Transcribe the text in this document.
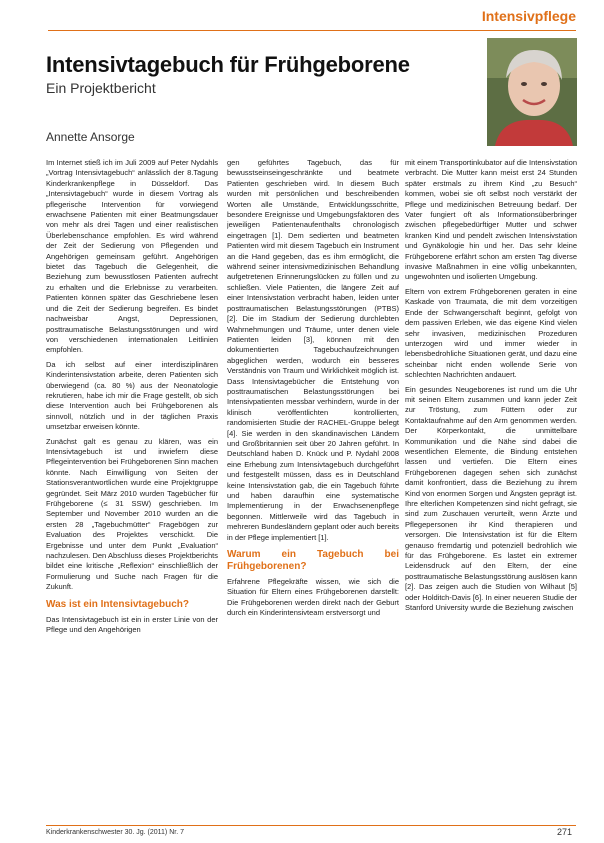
Intensivpflege
Intensivtagebuch für Frühgeborene
Ein Projektbericht
Annette Ansorge

Im Internet stieß ich im Juli 2009 auf Peter Nydahls „Vortrag Intensivtagebuch“ anlässlich der 8.Tagung Kinderkrankenpflege in Düsseldorf. Das „Intensivtagebuch“ wurde in diesem Vortrag als pflegerische Intervention für vorwiegend erwachsene Patienten mit einer Beatmungsdauer von mehr als drei Tagen und einer realistischen Überlebenschance empfohlen. Es wird während der Zeit der Sedierung von Pflegenden und Angehörigen gemeinsam geführt. Angehörigen bietet das Tagebuch die Gelegenheit, die Beziehung zum bewusstlosen Patienten aufrecht zu erhalten und die Erlebnisse zu verarbeiten. Patienten können später das Geschriebene lesen und die Zeit der Sedierung begreifen. Es bindet nachweisbar Angst, Depressionen, posttraumatische Belastungsstörungen und wird von verschiedenen internationalen Leitlinien empfohlen.

Da ich selbst auf einer interdisziplinären Kinderintensivstation arbeite, deren Patienten sich überwiegend (ca. 80 %) aus der Neonatologie rekrutieren, habe ich mir die Frage gestellt, ob sich diese Intervention auch bei Frühgeborenen als sinnvoll, nützlich und in der täglichen Praxis umsetzbar erweisen könnte.

Zunächst galt es genau zu klären, was ein Intensivtagebuch ist und inwiefern diese Pflegeintervention bei Frühgeborenen Sinn machen könnte. Nach Einwilligung von Seiten der Stationsverantwortlichen wurde eine Projektgruppe gegründet. Seit März 2010 wurden Tagebücher für Frühgeborene (≤ 31 SSW) geschrieben. Im September und November 2010 wurden an die ersten 28 „Tagebuchmütter“ Fragebögen zur Evaluation des Projektes verschickt. Die Ergebnisse und unter dem Punkt „Evaluation“ nachzulesen. Den Abschluss dieses Projektberichts bildet eine kritische „Reflexion“ einschließlich der Formulierung und Suche nach Fragen für die Zukunft.

Was ist ein Intensivtagebuch?

Das Intensivtagebuch ist ein in erster Linie von der Pflege und den Angehörigen

gen geführtes Tagebuch, das für bewusstseinseingeschränkte und beatmete Patienten geschrieben wird. In diesem Buch wurden mit persönlichen und beschreibenden Worten alle Umstände, Entwicklungsschritte, besondere Ereignisse und Umgebungsfaktoren des jeweiligen Patientenaufenthalts chronologisch eingetragen [1]. Dem sedierten und beatmeten Patienten wird mit diesem Tagebuch ein Instrument an die Hand gegeben, das es ihm ermöglicht, die während seiner intensivmedizinischen Behandlung aufgetretenen Erinnerungslücken zu füllen und zu schließen. Viele Patienten, die längere Zeit auf einer Intensivstation verbracht haben, leiden unter posttraumatischen Belastungsstörungen (PTBS) [2]. Die im Stadium der Sedierung durchlebten Wahrnehmungen und Träume, unter denen viele Patienten leiden [3], können mit den dokumentierten Tagebuchaufzeichnungen abgeglichen werden, wodurch ein besseres Verständnis von Traum und Wirklichkeit möglich ist. Dass Intensivtagebücher die Entstehung von posttraumatischen Belastungsstörungen bei Intensivpatienten messbar verhindern, wurde in der klinisch veröffentlichten kontrollierten, randomisierten Studie der RACHEL-Gruppe belegt [4]. Sie werden in den skandinavischen Ländern und Großbritannien seit über 20 Jahren geführt. In Deutschland haben D. Knück und P. Nydahl 2008 eine Erhebung zum Intensivtagebuch durchgeführt und festgestellt müssen, dass es in Deutschland keine Intensivstation gab, die ein Tagebuch führte und haben daraufhin eine systematische Implementierung in der Erwachsenenpflege begonnen. Mittlerweile wird das Tagebuch in mehreren Bundesländern geplant oder auch bereits in der Pflege implementiert [1].

Warum ein Tagebuch bei Frühgeborenen?

Erfahrene Pflegekräfte wissen, wie sich die Situation für Eltern eines Frühgeborenen darstellt: Die Frühgeborenen werden direkt nach der Geburt durch ein Kinderintensivteam erstversorgt und

mit einem Transportinkubator auf die Intensivstation verbracht. Die Mutter kann meist erst 24 Stunden später erstmals zu ihrem Kind „zu Besuch“ kommen, wobei sie oft selbst noch verstärkt der Pflege und medizinischen Betreuung bedarf. Der Vater fungiert oft als Informationsüberbringer zwischen pflegebedürftiger Mutter und schwer kranken Kind und pendelt zwischen Intensivstation und Gynäkologie hin und her. Das sehr kleine Frühgeborene erfährt schon am ersten Tag diverse invasive Maßnahmen in eine völlig unbekannten, ungewohnten und isolierten Umgebung.

Eltern von extrem Frühgeborenen geraten in eine Kaskade von Traumata, die mit dem vorzeitigen Ende der Schwangerschaft beginnt, gefolgt von dem passiven Erleben, wie das eigene Kind vielen sehr invasiven, medizinischen Prozeduren unterzogen wird und immer wieder in lebensbedrohliche Situationen gerät, und dazu eine scheinbar nicht enden wollende Serie von schlechten Nachrichten andauert.

Ein gesundes Neugeborenes ist rund um die Uhr mit seinen Eltern zusammen und kann jeder Zeit zur Tröstung, zum Füttern oder zur Kontaktaufnahme auf den Arm genommen werden. Der Körperkontakt, die unmittelbare Kommunikation und die Nähe sind dabei die wesentlichen Elemente, die Bindung entstehen lassen und vertiefen. Die Eltern eines Frühgeborenen dagegen sehen sich zunächst damit konfrontiert, dass die Beziehung zu ihrem Kind von enormen Sorgen und Ängsten geprägt ist. Ihre elterlichen Kompetenzen sind nicht gefragt, sie sind zum Zuschauen verurteilt, wenn Ärzte und Pflegepersonen ihr Kind therapieren und versorgen. Die Intensivstation ist für die Eltern genauso fremdartig und potenziell bedrohlich wie für das Frühgeborene. Es lastet ein extremer Leidensdruck auf den Eltern, der eine posttraumatische Belastungsstörung auslösen kann [2]. Das zeigen auch die Studien von Wilhaut [5] oder Holditch-Davis [6]. In einer neueren Studie der Stanford University wurde die Beziehung zwischen

Kinderkrankenschwester 30. Jg. (2011) Nr. 7	271
